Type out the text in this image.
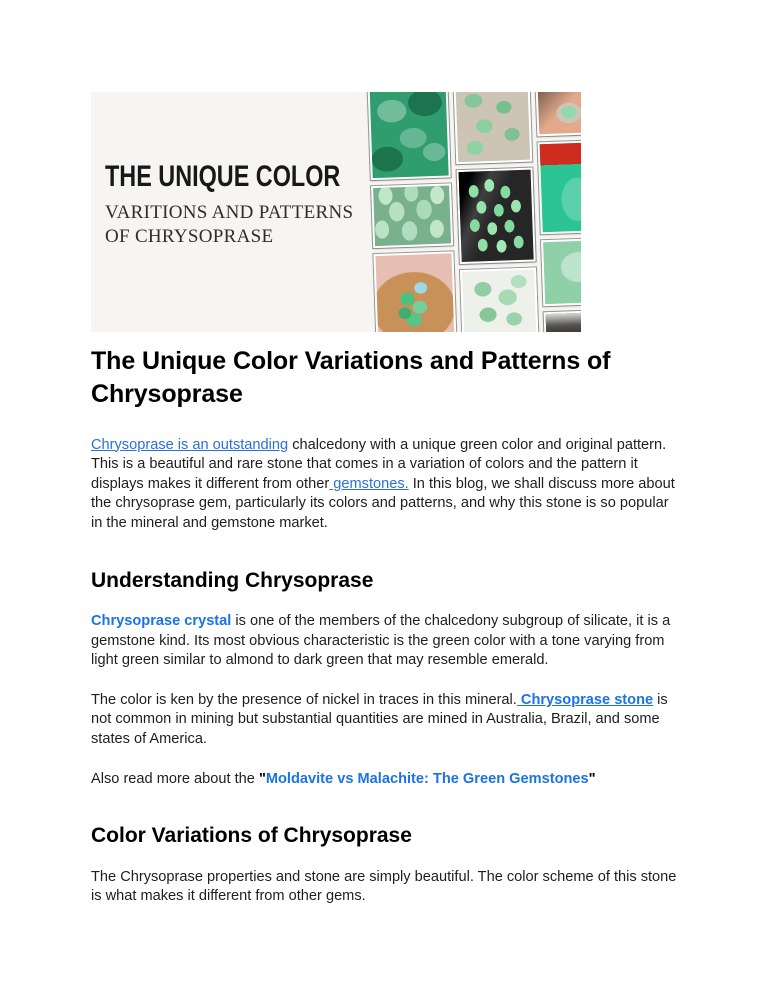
THE UNIQUE COLOR
VARITIONS AND PATTERNS
OF CHRYSOPRASE
The Unique Color Variations and Patterns of Chrysoprase

Chrysoprase is an outstanding chalcedony with a unique green color and original pattern. This is a beautiful and rare stone that comes in a variation of colors and the pattern it displays makes it different from other gemstones. In this blog, we shall discuss more about the chrysoprase gem, particularly its colors and patterns, and why this stone is so popular in the mineral and gemstone market.

Understanding Chrysoprase

Chrysoprase crystal is one of the members of the chalcedony subgroup of silicate, it is a gemstone kind. Its most obvious characteristic is the green color with a tone varying from light green similar to almond to dark green that may resemble emerald.

The color is ken by the presence of nickel in traces in this mineral. Chrysoprase stone is not common in mining but substantial quantities are mined in Australia, Brazil, and some states of America.

Also read more about the "Moldavite vs Malachite: The Green Gemstones"

Color Variations of Chrysoprase

The Chrysoprase properties and stone are simply beautiful. The color scheme of this stone is what makes it different from other gems.
